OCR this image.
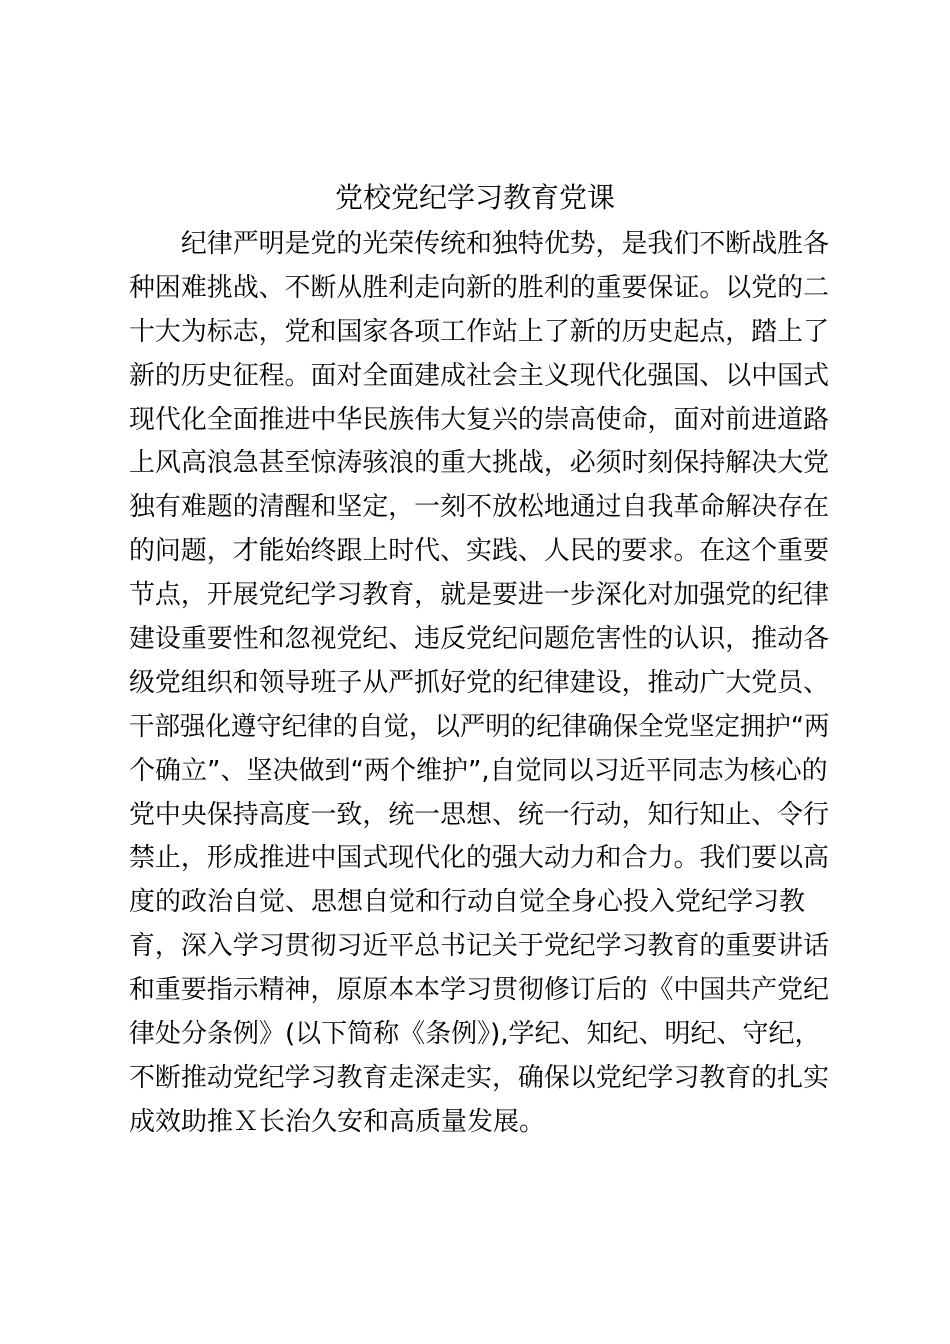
党校党纪学习教育党课
纪律严明是党的光荣传统和独特优势，是我们不断战胜各
种困难挑战、不断从胜利走向新的胜利的重要保证。以党的二
十大为标志，党和国家各项工作站上了新的历史起点，踏上了
新的历史征程。面对全面建成社会主义现代化强国、以中国式
现代化全面推进中华民族伟大复兴的崇高使命，面对前进道路
上风高浪急甚至惊涛骇浪的重大挑战，必须时刻保持解决大党
独有难题的清醒和坚定，一刻不放松地通过自我革命解决存在
的问题，才能始终跟上时代、实践、人民的要求。在这个重要
节点，开展党纪学习教育，就是要进一步深化对加强党的纪律
建设重要性和忽视党纪、违反党纪问题危害性的认识，推动各
级党组织和领导班子从严抓好党的纪律建设，推动广大党员、
干部强化遵守纪律的自觉，以严明的纪律确保全党坚定拥护“两
个确立”、坚决做到“两个维护”,自觉同以习近平同志为核心的
党中央保持高度一致，统一思想、统一行动，知行知止、令行
禁止，形成推进中国式现代化的强大动力和合力。我们要以高
度的政治自觉、思想自觉和行动自觉全身心投入党纪学习教
育，深入学习贯彻习近平总书记关于党纪学习教育的重要讲话
和重要指示精神，原原本本学习贯彻修订后的《中国共产党纪
律处分条例》(以下简称《条例》),学纪、知纪、明纪、守纪，
不断推动党纪学习教育走深走实，确保以党纪学习教育的扎实
成效助推Ｘ长治久安和高质量发展。
